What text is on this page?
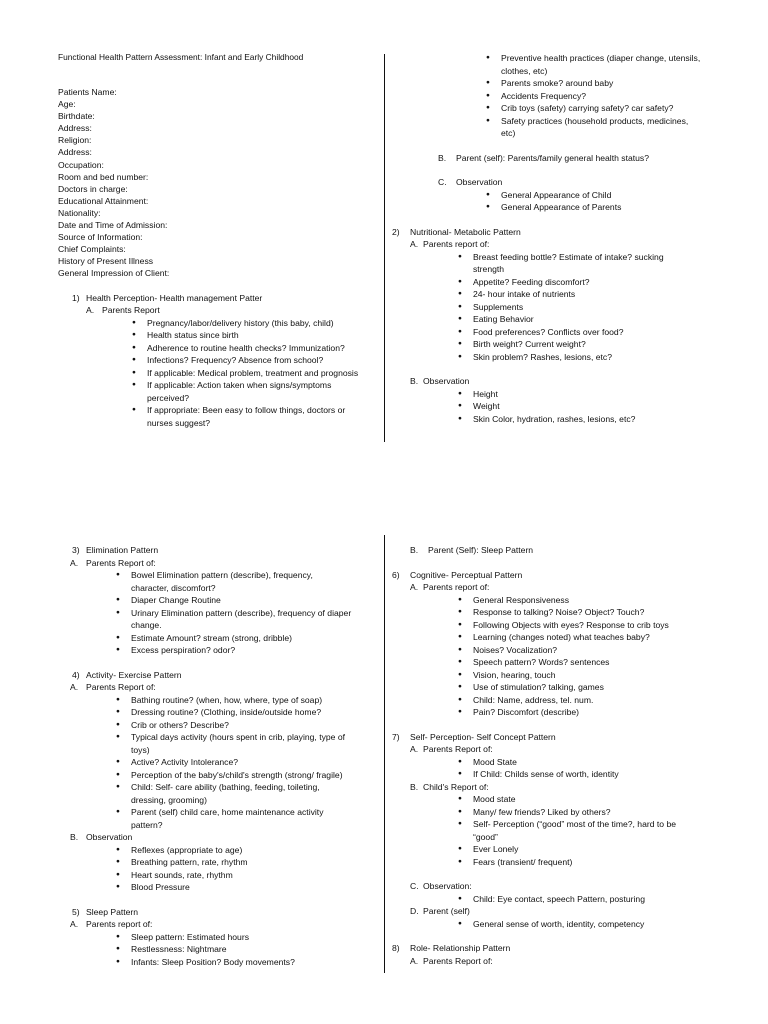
Functional Health Pattern Assessment: Infant and Early Childhood
Patients Name:
Age:
Birthdate:
Address:
Religion:
Address:
Occupation:
Room and bed number:
Doctors in charge:
Educational Attainment:
Nationality:
Date and Time of Admission:
Source of Information:
Chief Complaints:
History of Present Illness
General Impression of Client:
1) Health Perception- Health management Patter
A. Parents Report
● Pregnancy/labor/delivery history (this baby, child)
● Health status since birth
● Adherence to routine health checks? Immunization?
● Infections? Frequency? Absence from school?
● If applicable: Medical problem, treatment and prognosis
● If applicable: Action taken when signs/symptoms perceived?
● If appropriate: Been easy to follow things, doctors or nurses suggest?
● Preventive health practices (diaper change, utensils, clothes, etc)
● Parents smoke? around baby
● Accidents Frequency?
● Crib toys (safety) carrying safety? car safety?
● Safety practices (household products, medicines, etc)
B. Parent (self): Parents/family general health status?
C. Observation
● General Appearance of Child
● General Appearance of Parents
2) Nutritional- Metabolic Pattern
A. Parents report of:
● Breast feeding bottle? Estimate of intake? sucking strength
● Appetite? Feeding discomfort?
● 24- hour intake of nutrients
● Supplements
● Eating Behavior
● Food preferences? Conflicts over food?
● Birth weight? Current weight?
● Skin problem? Rashes, lesions, etc?
B. Observation
● Height
● Weight
● Skin Color, hydration, rashes, lesions, etc?
3) Elimination Pattern
A. Parents Report of:
● Bowel Elimination pattern (describe), frequency, character, discomfort?
● Diaper Change Routine
● Urinary Elimination pattern (describe), frequency of diaper change.
● Estimate Amount? stream (strong, dribble)
● Excess perspiration? odor?
4) Activity- Exercise Pattern
A. Parents Report of:
● Bathing routine? (when, how, where, type of soap)
● Dressing routine? (Clothing, inside/outside home?
● Crib or others? Describe?
● Typical days activity (hours spent in crib, playing, type of toys)
● Active? Activity Intolerance?
● Perception of the baby's/child's strength (strong/ fragile)
● Child: Self- care ability (bathing, feeding, toileting, dressing, grooming)
● Parent (self) child care, home maintenance activity pattern?
B. Observation
● Reflexes (appropriate to age)
● Breathing pattern, rate, rhythm
● Heart sounds, rate, rhythm
● Blood Pressure
5) Sleep Pattern
A. Parents report of:
● Sleep pattern: Estimated hours
● Restlessness: Nightmare
● Infants: Sleep Position? Body movements?
B. Parent (Self): Sleep Pattern
6) Cognitive- Perceptual Pattern
A. Parents report of:
● General Responsiveness
● Response to talking? Noise? Object? Touch?
● Following Objects with eyes? Response to crib toys
● Learning (changes noted) what teaches baby?
● Noises? Vocalization?
● Speech pattern? Words? sentences
● Vision, hearing, touch
● Use of stimulation? talking, games
● Child: Name, address, tel. num.
● Pain? Discomfort (describe)
7) Self- Perception- Self Concept Pattern
A. Parents Report of:
● Mood State
● If Child: Childs sense of worth, identity
B. Child's Report of:
● Mood state
● Many/ few friends? Liked by others?
● Self- Perception (“good” most of the time?, hard to be “good”
● Ever Lonely
● Fears (transient/ frequent)
C. Observation:
● Child: Eye contact, speech Pattern, posturing
D. Parent (self)
● General sense of worth, identity, competency
8) Role- Relationship Pattern
A. Parents Report of:
